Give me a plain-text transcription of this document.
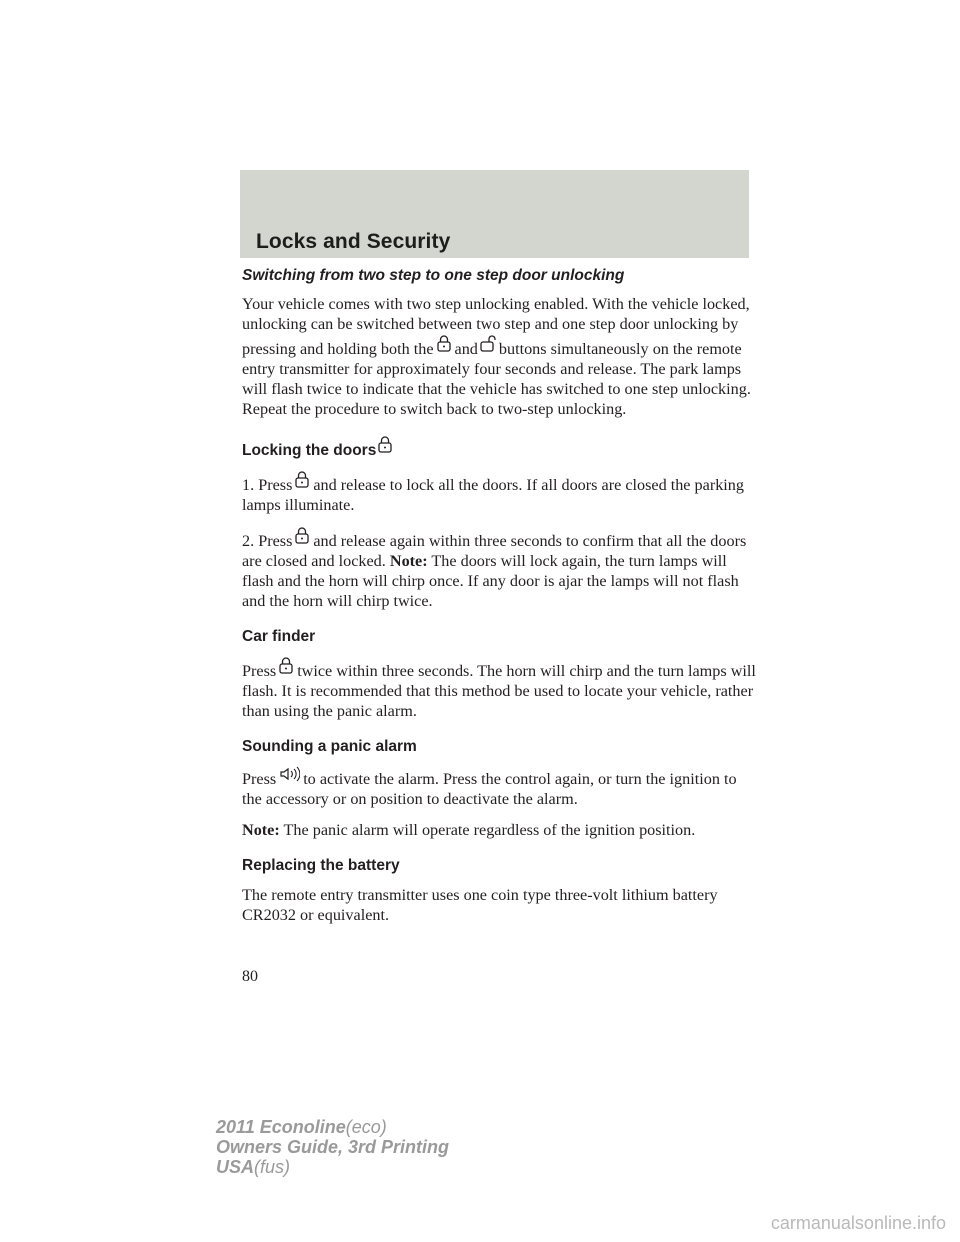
Locks and Security

Switching from two step to one step door unlocking

Your vehicle comes with two step unlocking enabled. With the vehicle locked, unlocking can be switched between two step and one step door unlocking by pressing and holding both the and buttons simultaneously on the remote entry transmitter for approximately four seconds and release. The park lamps will flash twice to indicate that the vehicle has switched to one step unlocking. Repeat the procedure to switch back to two-step unlocking.

Locking the doors

1. Press and release to lock all the doors. If all doors are closed the parking lamps illuminate.

2. Press and release again within three seconds to confirm that all the doors are closed and locked. Note: The doors will lock again, the turn lamps will flash and the horn will chirp once. If any door is ajar the lamps will not flash and the horn will chirp twice.

Car finder

Press twice within three seconds. The horn will chirp and the turn lamps will flash. It is recommended that this method be used to locate your vehicle, rather than using the panic alarm.

Sounding a panic alarm

Press to activate the alarm. Press the control again, or turn the ignition to the accessory or on position to deactivate the alarm.

Note: The panic alarm will operate regardless of the ignition position.

Replacing the battery

The remote entry transmitter uses one coin type three-volt lithium battery CR2032 or equivalent.

80
2011 Econoline(eco)
Owners Guide, 3rd Printing
USA(fus)
carmanualsonline.info
